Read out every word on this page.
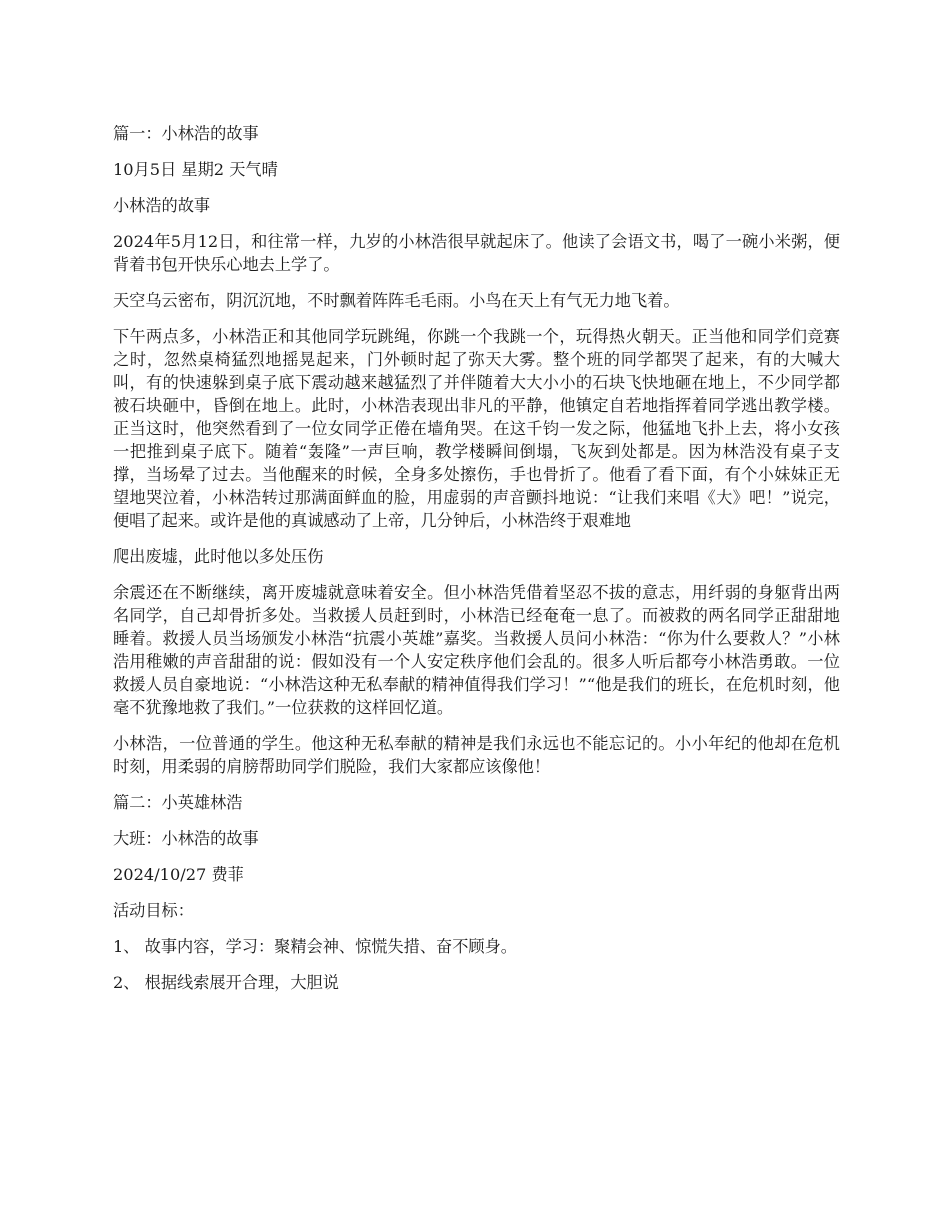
篇一：小林浩的故事

10月5日 星期2 天气晴

小林浩的故事

2024年5月12日，和往常一样，九岁的小林浩很早就起床了。他读了会语文书，喝了一碗小米粥，便背着书包开快乐心地去上学了。

天空乌云密布，阴沉沉地，不时飘着阵阵毛毛雨。小鸟在天上有气无力地飞着。

下午两点多，小林浩正和其他同学玩跳绳，你跳一个我跳一个，玩得热火朝天。正当他和同学们竞赛之时，忽然桌椅猛烈地摇晃起来，门外顿时起了弥天大雾。整个班的同学都哭了起来，有的大喊大叫，有的快速躲到桌子底下震动越来越猛烈了并伴随着大大小小的石块飞快地砸在地上，不少同学都被石块砸中，昏倒在地上。此时，小林浩表现出非凡的平静，他镇定自若地指挥着同学逃出教学楼。正当这时，他突然看到了一位女同学正倦在墙角哭。在这千钧一发之际，他猛地飞扑上去，将小女孩一把推到桌子底下。随着“轰隆”一声巨响，教学楼瞬间倒塌，飞灰到处都是。因为林浩没有桌子支撑，当场晕了过去。当他醒来的时候，全身多处擦伤，手也骨折了。他看了看下面，有个小妹妹正无望地哭泣着，小林浩转过那满面鲜血的脸，用虚弱的声音颤抖地说：“让我们来唱《大》吧！”说完，便唱了起来。或许是他的真诚感动了上帝，几分钟后，小林浩终于艰难地

爬出废墟，此时他以多处压伤

余震还在不断继续，离开废墟就意味着安全。但小林浩凭借着坚忍不拔的意志，用纤弱的身躯背出两名同学，自己却骨折多处。当救援人员赶到时，小林浩已经奄奄一息了。而被救的两名同学正甜甜地睡着。救援人员当场颁发小林浩“抗震小英雄”嘉奖。当救援人员问小林浩：“你为什么要救人？”小林浩用稚嫩的声音甜甜的说：假如没有一个人安定秩序他们会乱的。很多人听后都夸小林浩勇敢。一位救援人员自豪地说：“小林浩这种无私奉献的精神值得我们学习！”“他是我们的班长，在危机时刻，他毫不犹豫地救了我们。”一位获救的这样回忆道。

小林浩，一位普通的学生。他这种无私奉献的精神是我们永远也不能忘记的。小小年纪的他却在危机时刻，用柔弱的肩膀帮助同学们脱险，我们大家都应该像他！

篇二：小英雄林浩

大班：小林浩的故事

2024/10/27 费菲

活动目标：

1、 故事内容，学习：聚精会神、惊慌失措、奋不顾身。

2、 根据线索展开合理，大胆说
